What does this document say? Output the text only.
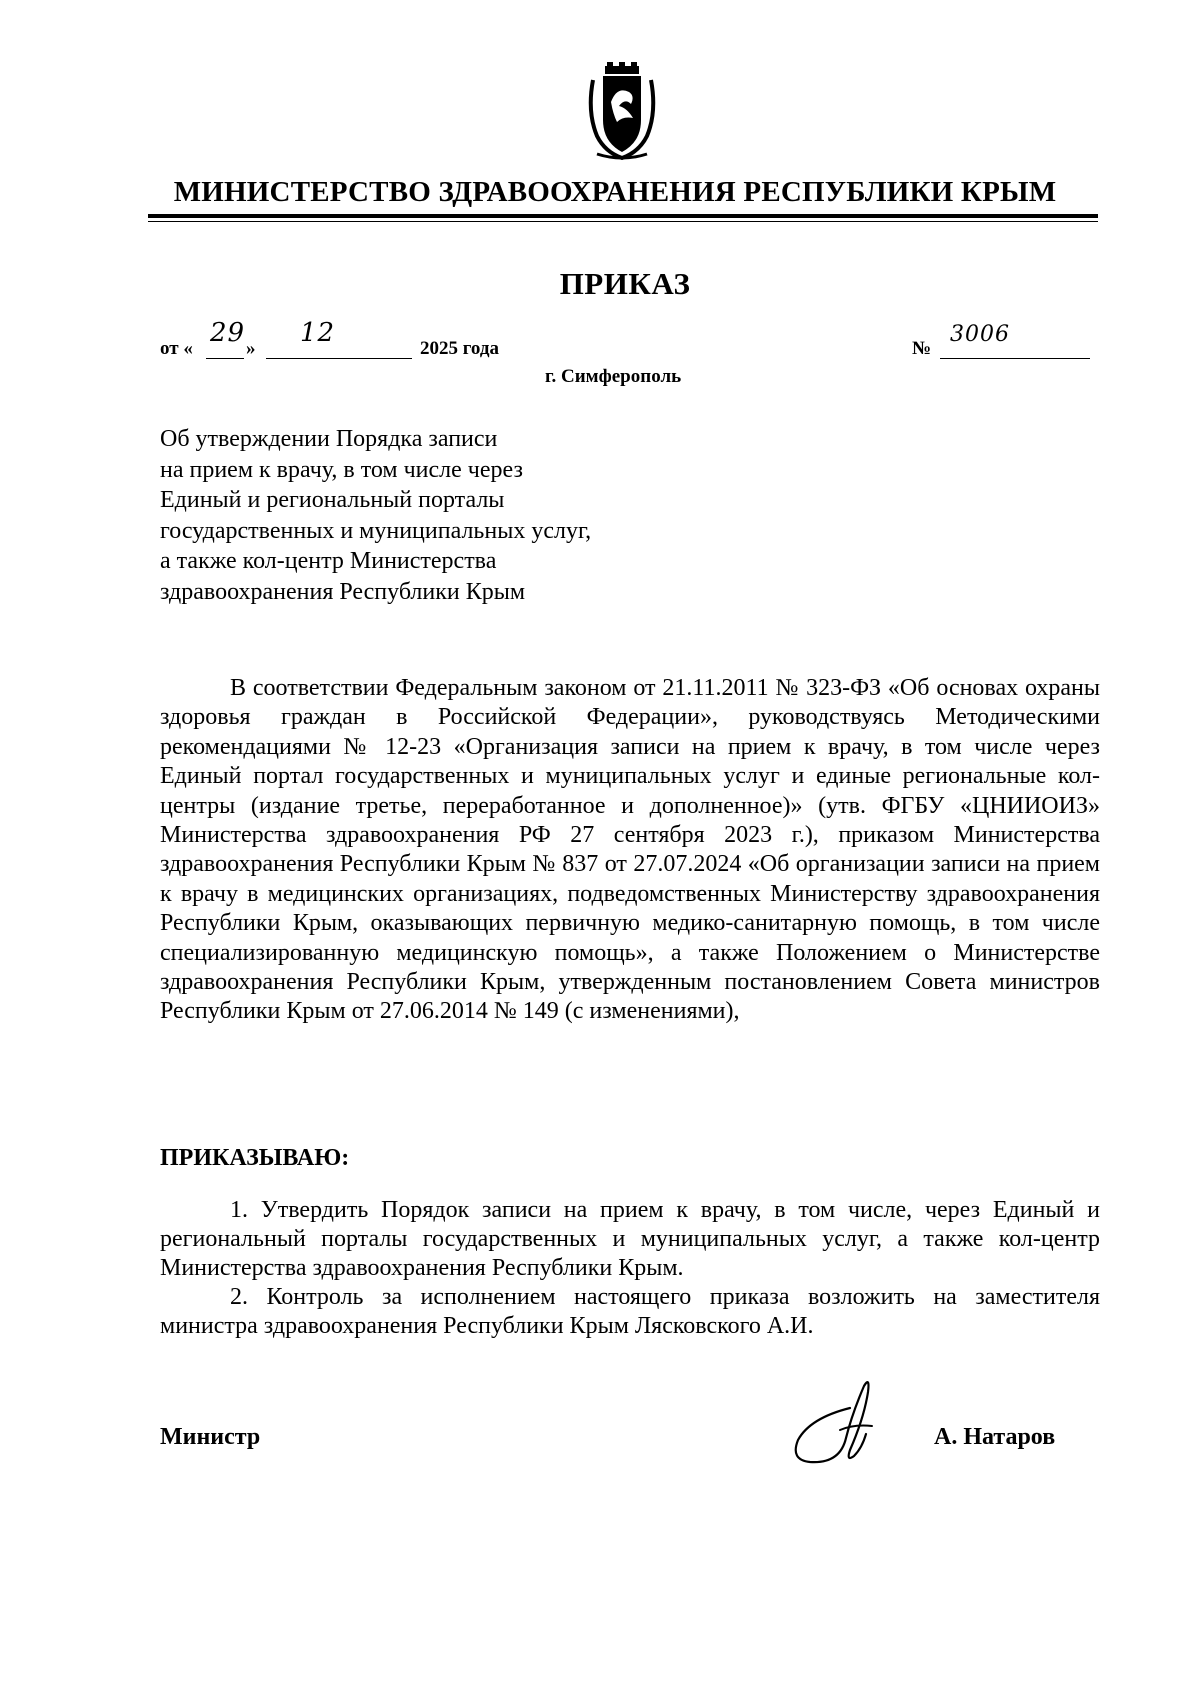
МИНИСТЕРСТВО ЗДРАВООХРАНЕНИЯ РЕСПУБЛИКИ КРЫМ
ПРИКАЗ
от «
29
»
12
2025 года	№
3006
г. Симферополь
Об утверждении Порядка записи
на прием к врачу, в том числе через
Единый и региональный порталы
государственных и муниципальных услуг,
а также кол-центр Министерства
здравоохранения Республики Крым
В соответствии Федеральным законом от 21.11.2011 № 323-ФЗ «Об основах охраны здоровья граждан в Российской Федерации», руководствуясь Методическими рекомендациями № 12-23 «Организация записи на прием к врачу, в том числе через Единый портал государственных и муниципальных услуг и единые региональные кол-центры (издание третье, переработанное и дополненное)» (утв. ФГБУ «ЦНИИОИЗ» Министерства здравоохранения РФ 27 сентября 2023 г.), приказом Министерства здравоохранения Республики Крым № 837 от 27.07.2024 «Об организации записи на прием к врачу в медицинских организациях, подведомственных Министерству здравоохранения Республики Крым, оказывающих первичную медико-санитарную помощь, в том числе специализированную медицинскую помощь», а также Положением о Министерстве здравоохранения Республики Крым, утвержденным постановлением Совета министров Республики Крым от 27.06.2014 № 149 (с изменениями),
ПРИКАЗЫВАЮ:
1. Утвердить Порядок записи на прием к врачу, в том числе, через Единый и региональный порталы государственных и муниципальных услуг, а также кол-центр Министерства здравоохранения Республики Крым.
2. Контроль за исполнением настоящего приказа возложить на заместителя министра здравоохранения Республики Крым Лясковского А.И.
Министр	А. Натаров
